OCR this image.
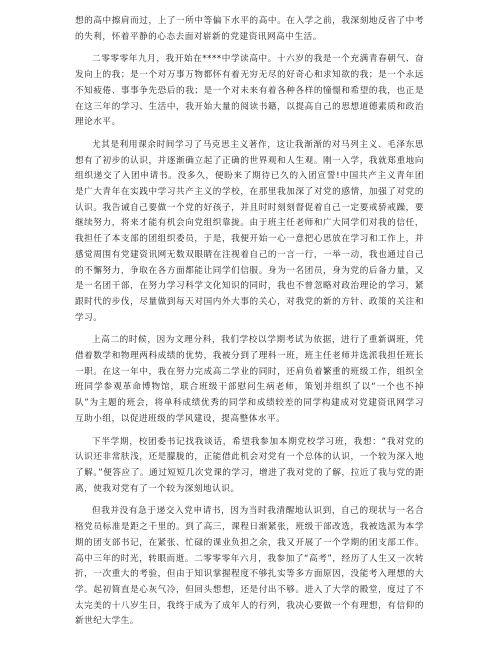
想的高中擦肩而过，上了一所中等偏下水平的高中。在入学之前，我深刻地反省了中考的失利，怀着平静的心态去面对崭新的党建资讯网高中生活。

二零零零年九月，我开始在****中学读高中。十六岁的我是一个充满青春朝气、奋发向上的我；是一个对万事万物都怀有着无穷无尽的好奇心和求知欲的我；是一个永远不知疲倦、事事争先恐后的我；是一个对未来有着各种各样的憧憬和希望的我，也正是在这三年的学习、生活中，我开始大量的阅读书籍，以提高自己的思想道德素质和政治理论水平。

尤其是利用课余时间学习了马克思主义著作，这让我渐渐的对马列主义、毛泽东思想有了初步的认识，并逐渐确立起了正确的世界观和人生观。刚一入学，我就郑重地向组织递交了入团申请书。没多久，便盼来了期待已久的入团宣誓!中国共产主义青年团是广大青年在实践中学习共产主义的学校，在那里我加深了对党的感情，加强了对党的认识。我告诫自己要做一个党的好孩子，并且时时刻刻督促着自己一定要戒骄戒躁，要继续努力，将来才能有机会向党组织靠拢。由于班主任老师和广大同学们对我的信任，我担任了本支部的团组织委员，于是，我便开始一心一意把心思放在学习和工作上，并感觉周围有党建资讯网无数双眼睛在注视着自己的一言一行，一举一动，我也通过自己的不懈努力，争取在各方面都能让同学们信服。身为一名团员，身为党的后备力量，又是一名团干部，在努力学习科学文化知识的同时，我也不曾忽略对政治理论的学习，紧跟时代的步伐，尽量做到每天对国内外大事的关心，对我党的新的方针、政策的关注和学习。

上高二的时候，因为文理分科，我们学校以学期考试为依据，进行了重新调班，凭借着数学和物理两科成绩的优势，我被分到了理科一班，班主任老师并选派我担任班长一职。在这一年中，我在努力完成高二学业的同时，还肩负着繁重的班级工作，组织全班同学参观革命博物馆，联合班级干部慰问生病老师，策划并组织了以“一个也不掉队”为主题的班会，将单科成绩优秀的同学和成绩较差的同学构建成对党建资讯网学习互助小组，以促进班级的学风建设，提高整体水平。

下半学期，校团委书记找我谈话，希望我参加本期党校学习班，我想：“我对党的认识还非常肤浅，还是朦胧的，正能借此机会对党有一个总体的认识，一个较为深入地了解。”便答应了。通过短短几次党课的学习，增进了我对党的了解，拉近了我与党的距离，使我对党有了一个较为深刻地认识。

但我并没有急于递交入党申请书，因为当时我清醒地认识到，自己的现状与一名合格党员标准是距之千里的。到了高三，课程日渐紧张，班级干部改选，我被选派为本学期的团支部书记，在紧张、忙碌的课业负担之余，我又开展了一个学期的团支部工作。高中三年的时光，转眼而逝。二零零零年六月，我参加了“高考”，经历了人生又一次转折，一次重大的考验，但由于知识掌握程度不够扎实等多方面原因，没能考入理想的大学。起初简直是心灰气冷，但回头想想，还是付出不够。进入了大学的殿堂，度过了不太完美的十八岁生日，我终于成为了成年人的行列，我决心要做一个有理想，有信仰的新世纪大学生。
